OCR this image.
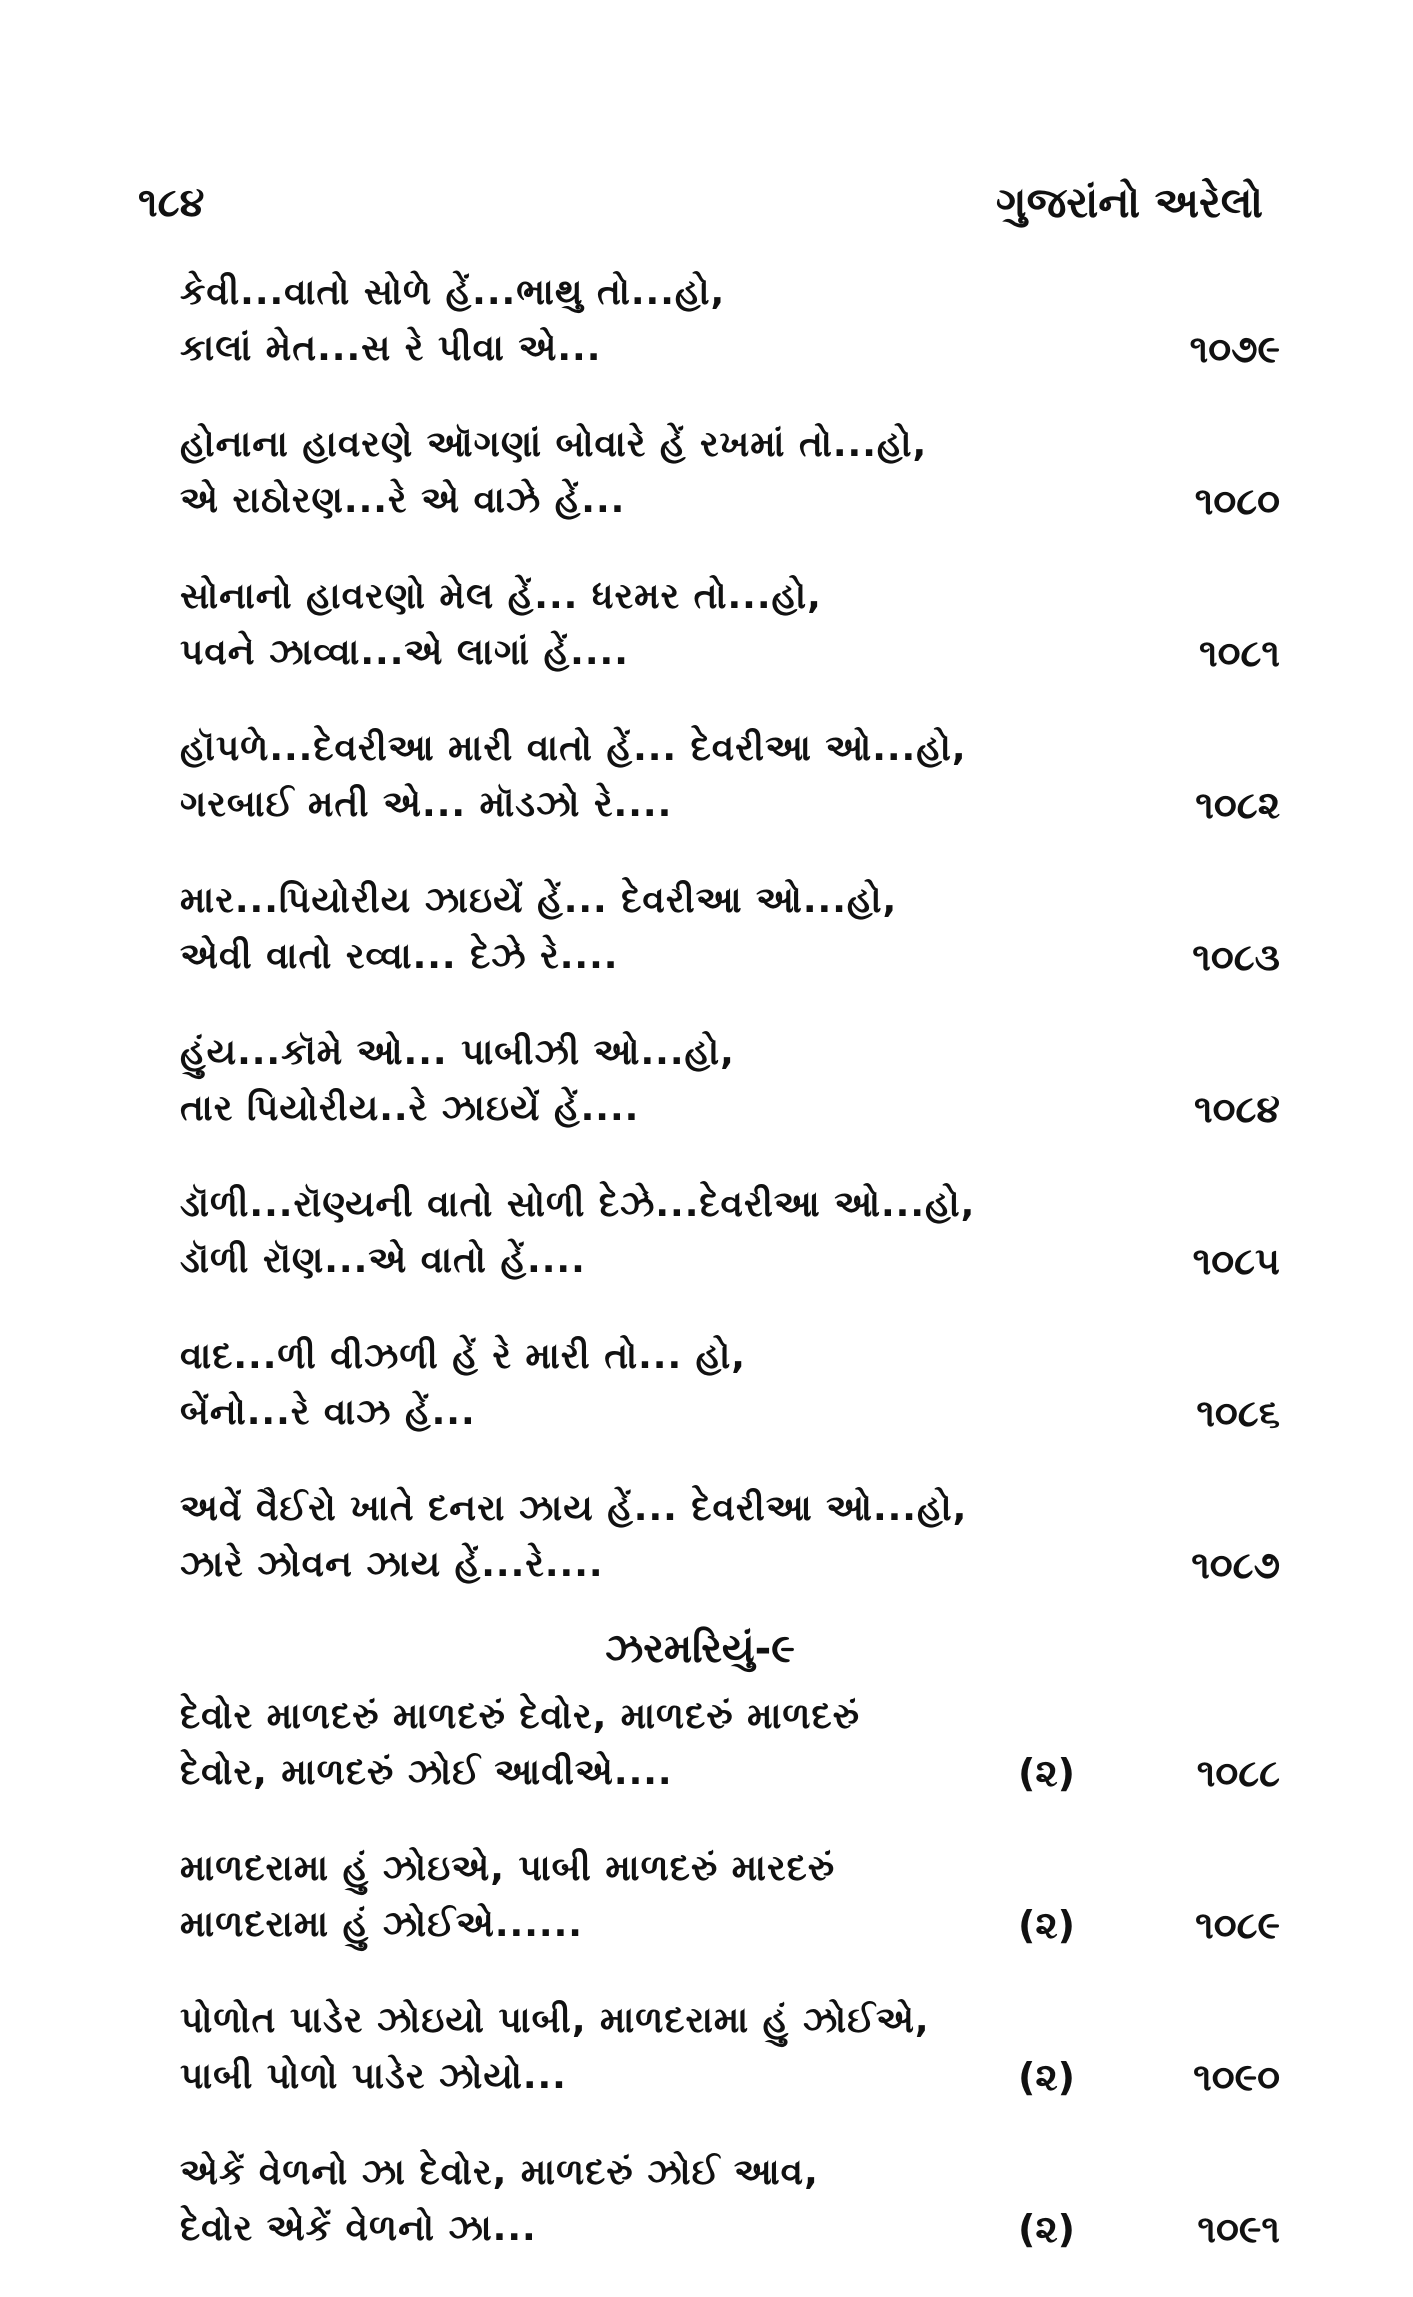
૧૮૪	ગુજરાંનો અરેલો
કેવી...વાતો સોળે હેં...ભાથુ તો...હો,
કાલાં મેત...સ રે પીવા એ...	૧૦૭૯
હોનાના હાવરણે ઑગણાં બોવારે હેં રખમાં તો...હો,
એ રાઠોરણ...રે એ વાઝે હેં...	૧૦૮૦
સોનાનો હાવરણો મેલ હેં... ધરમર તો...હો,
પવને ઝાવ્વા...એ લાગાં હેં....	૧૦૮૧
હૉપળે...દેવરીઆ મારી વાતો હેં... દેવરીઆ ઓ...હો,
ગરબાઈ મતી એ... મૉડઝો રે....	૧૦૮૨
માર...પિયોરીય ઝાઇયેં હેં... દેવરીઆ ઓ...હો,
એવી વાતો રવ્વા... દેઝે રે....	૧૦૮૩
હુંય...કૉમે ઓ... પાબીઝી ઓ...હો,
તાર પિયોરીય..રે ઝાઇયેં હેં....	૧૦૮૪
ડૉળી...રૉણ્યની વાતો સોળી દેઝે...દેવરીઆ ઓ...હો,
ડૉળી રૉણ...એ વાતો હેં....	૧૦૮૫
વાદ...ળી વીઝળી હેં રે મારી તો... હો,
બેંનો...રે વાઝ હેં...	૧૦૮૬
અવેં વૈઈરો ખાતે દનરા ઝાય હેં... દેવરીઆ ઓ...હો,
ઝારે ઝોવન ઝાય હેં...રે....	૧૦૮૭
ઝરમરિયું-૯
દેવોર માળદરું માળદરું દેવોર, માળદરું માળદરું
દેવોર, માળદરું ઝોઈ આવીએ....	(૨)	૧૦૮૮
માળદરામા હું ઝોઇએ, પાબી માળદરું મારદરું
માળદરામા હું ઝોઈએ......	(૨)	૧૦૮૯
પોળોત પાડેર ઝોઇયો પાબી, માળદરામા હું ઝોઈએ,
પાબી પોળો પાડેર ઝોયો...	(૨)	૧૦૯૦
એકેં વેળનો ઝા દેવોર, માળદરું ઝોઈ આવ,
દેવોર એકેં વેળનો ઝા...	(૨)	૧૦૯૧
